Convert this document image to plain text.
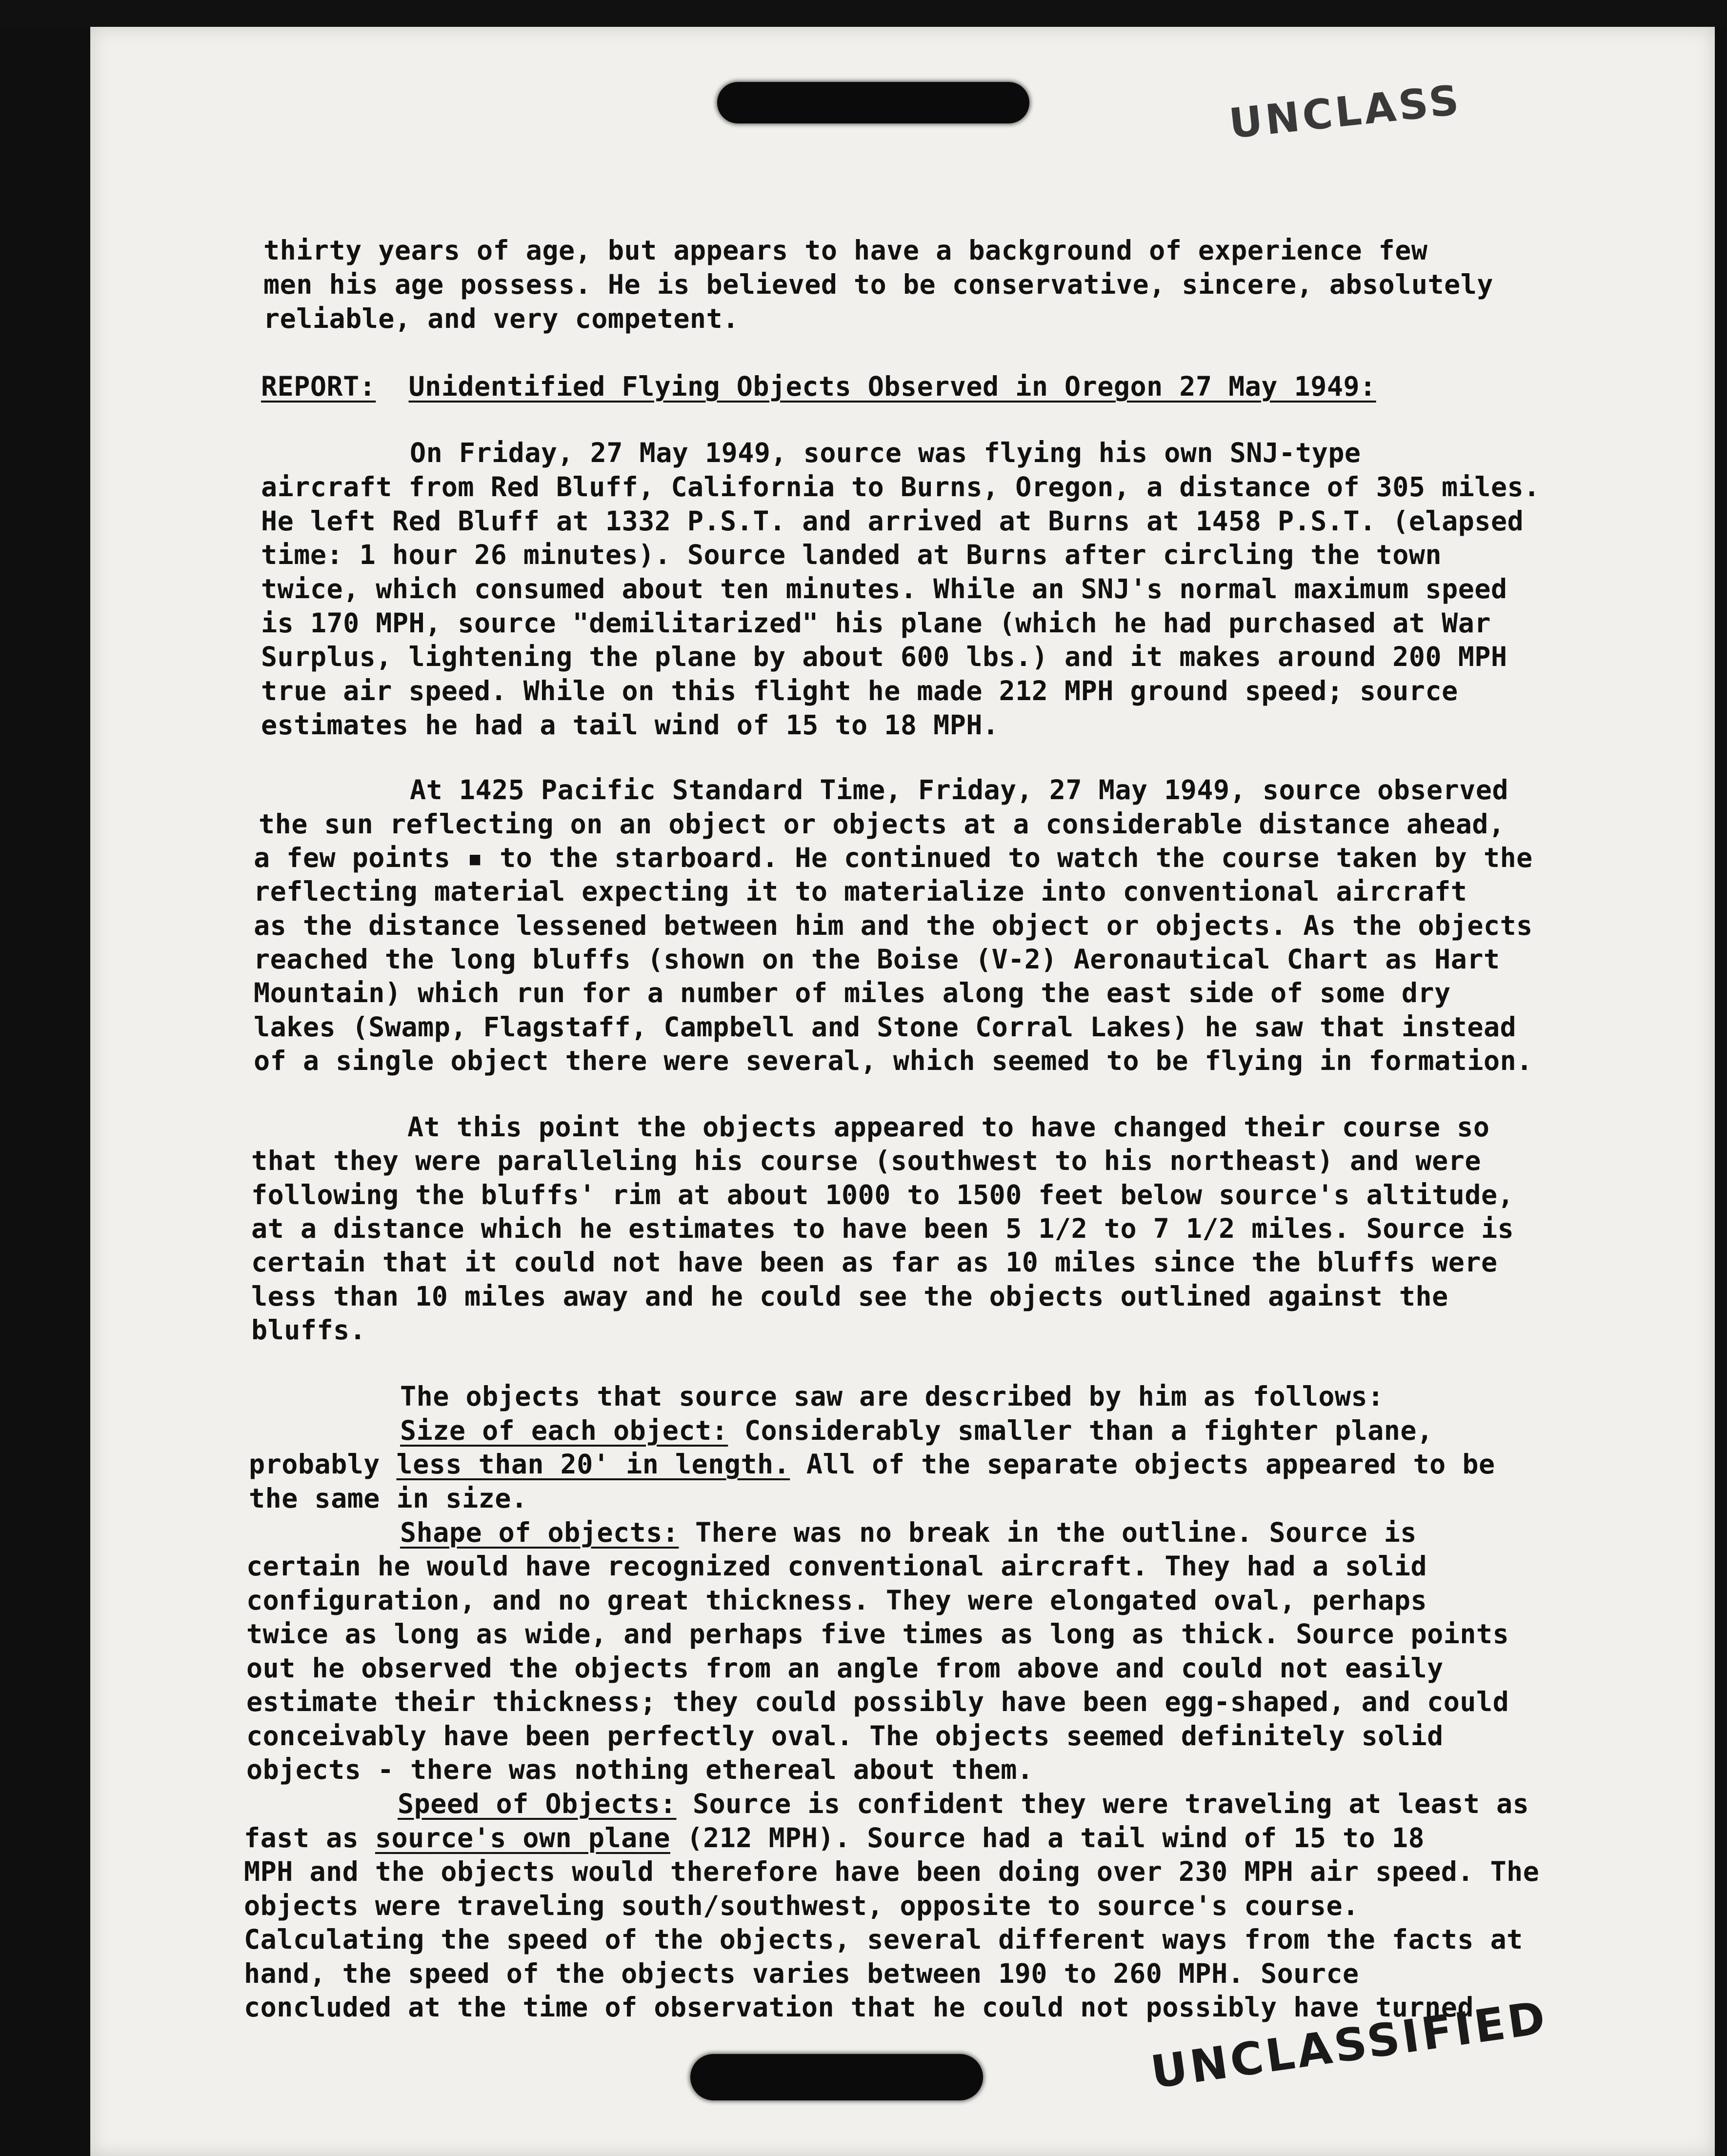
UNCLASS
thirty years of age, but appears to have a background of experience few
men his age possess. He is believed to be conservative, sincere, absolutely
reliable, and very competent.
REPORT: Unidentified Flying Objects Observed in Oregon 27 May 1949:
On Friday, 27 May 1949, source was flying his own SNJ-type
aircraft from Red Bluff, California to Burns, Oregon, a distance of 305 miles.
He left Red Bluff at 1332 P.S.T. and arrived at Burns at 1458 P.S.T. (elapsed
time: 1 hour 26 minutes). Source landed at Burns after circling the town
twice, which consumed about ten minutes. While an SNJ's normal maximum speed
is 170 MPH, source "demilitarized" his plane (which he had purchased at War
Surplus, lightening the plane by about 600 lbs.) and it makes around 200 MPH
true air speed. While on this flight he made 212 MPH ground speed; source
estimates he had a tail wind of 15 to 18 MPH.
At 1425 Pacific Standard Time, Friday, 27 May 1949, source observed
the sun reflecting on an object or objects at a considerable distance ahead,
a few points ▪ to the starboard. He continued to watch the course taken by the
reflecting material expecting it to materialize into conventional aircraft
as the distance lessened between him and the object or objects. As the objects
reached the long bluffs (shown on the Boise (V-2) Aeronautical Chart as Hart
Mountain) which run for a number of miles along the east side of some dry
lakes (Swamp, Flagstaff, Campbell and Stone Corral Lakes) he saw that instead
of a single object there were several, which seemed to be flying in formation.
At this point the objects appeared to have changed their course so
that they were paralleling his course (southwest to his northeast) and were
following the bluffs' rim at about 1000 to 1500 feet below source's altitude,
at a distance which he estimates to have been 5 1/2 to 7 1/2 miles. Source is
certain that it could not have been as far as 10 miles since the bluffs were
less than 10 miles away and he could see the objects outlined against the
bluffs.
The objects that source saw are described by him as follows:
Size of each object: Considerably smaller than a fighter plane,
probably less than 20' in length. All of the separate objects appeared to be
the same in size.
Shape of objects: There was no break in the outline. Source is
certain he would have recognized conventional aircraft. They had a solid
configuration, and no great thickness. They were elongated oval, perhaps
twice as long as wide, and perhaps five times as long as thick. Source points
out he observed the objects from an angle from above and could not easily
estimate their thickness; they could possibly have been egg-shaped, and could
conceivably have been perfectly oval. The objects seemed definitely solid
objects - there was nothing ethereal about them.
Speed of Objects: Source is confident they were traveling at least as
fast as source's own plane (212 MPH). Source had a tail wind of 15 to 18
MPH and the objects would therefore have been doing over 230 MPH air speed. The
objects were traveling south/southwest, opposite to source's course.
Calculating the speed of the objects, several different ways from the facts at
hand, the speed of the objects varies between 190 to 260 MPH. Source
concluded at the time of observation that he could not possibly have turned
UNCLASSIFIED
